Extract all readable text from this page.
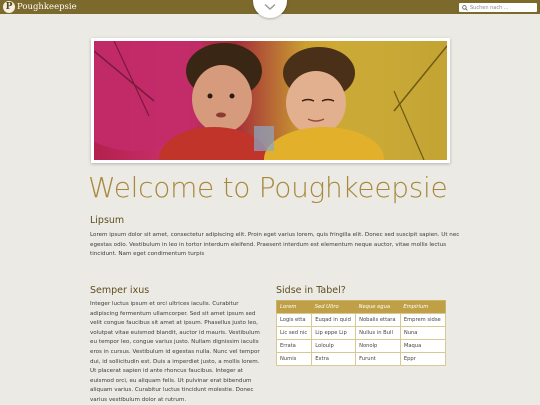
P Poughkeepsie
Suchen nach ...
Welcome to Poughkeepsie
Lipsum

Lorem ipsum dolor sit amet, consectetur adipiscing elit. Proin eget varius lorem, quis fringilla elit. Donec sed suscipit sapien. Ut nec egestas odio. Vestibulum in leo in tortor interdum eleifend. Praesent interdum est elementum neque auctor, vitae mollis lectus tincidunt. Nam eget condimentum turpis

Semper ixus

Integer luctus ipsum et orci ultrices iaculis. Curabitur adipiscing fermentum ullamcorper. Sed sit amet ipsum sed velit congue faucibus sit amet at ipsum. Phasellus justo leo, volutpat vitae euismod blandit, auctor id mauris. Vestibulum eu tempor leo, congue varius justo. Nullam dignissim iaculis eros in cursus. Vestibulum id egestas nulla. Nunc vel tempor dui, id sollicitudin est. Duis a imperdiet justo, a mollis lorem. Ut placerat sapien id ante rhoncus faucibus. Integer at euismod orci, eu aliquam felis. Ut pulvinar erat bibendum aliquam varius. Curabitur luctus tincidunt molestie. Donec varius vestibulum dolor at rutrum.

Sidse in Tabel?
Lorem	Sed Ultro	Neque egua	Empirium
Logis etta	Euqad in quid	Nobalis ettara	Emprem sidse
Lic sed nic	Lip eppe Lip	Nullus in Bull	Nuna
Errata	Loloulp	Nonolp	Maqua
Numis	Extra	Furunt	Eppr
